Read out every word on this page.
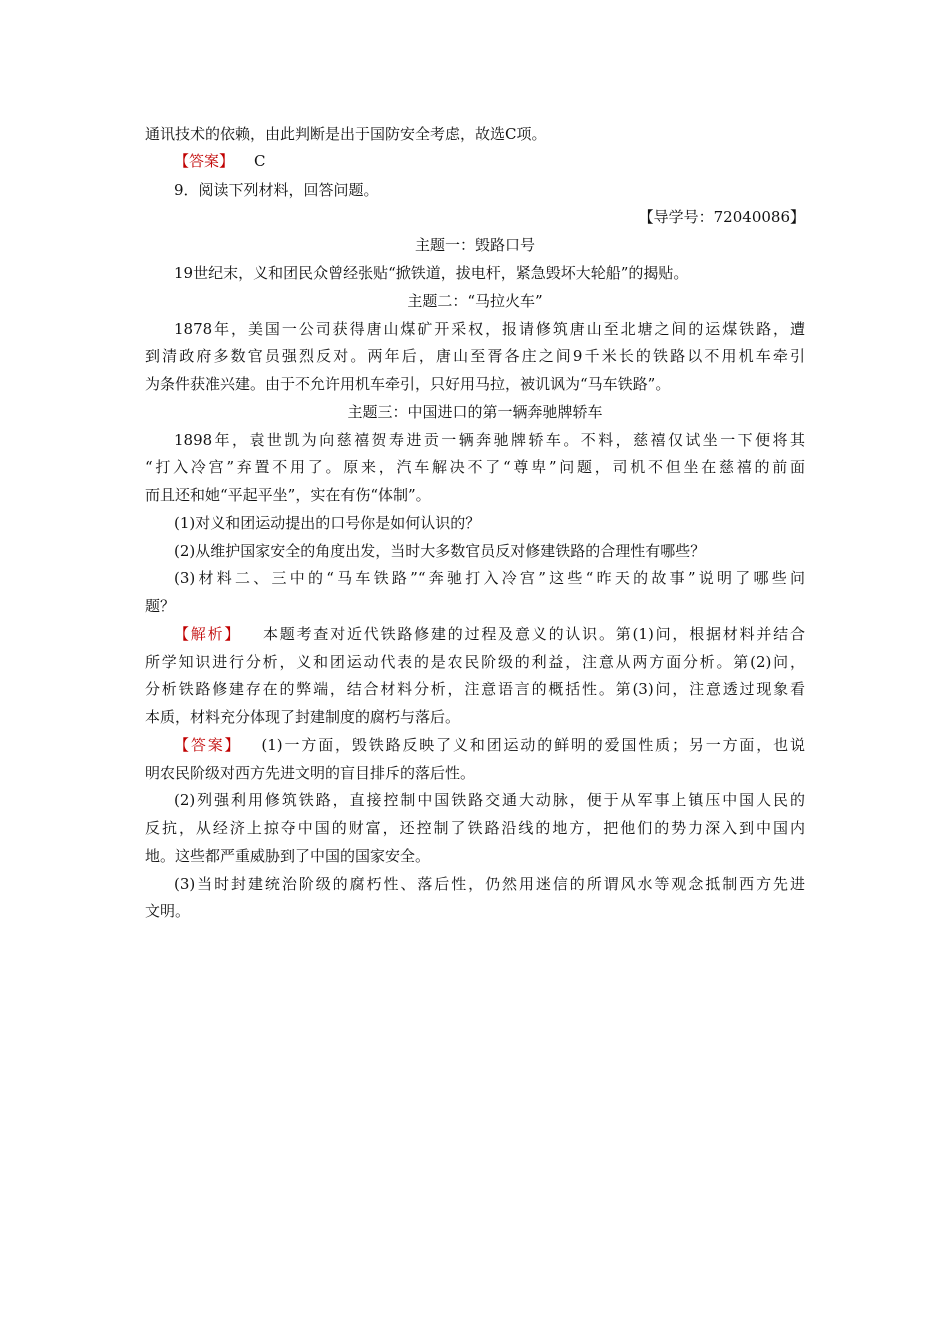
通讯技术的依赖，由此判断是出于国防安全考虑，故选C项。
【答案】 C
9．阅读下列材料，回答问题。
【导学号：72040086】
主题一：毁路口号
19世纪末，义和团民众曾经张贴“掀铁道，拔电杆，紧急毁坏大轮船”的揭贴。
主题二：“马拉火车”
1878年，美国一公司获得唐山煤矿开采权，报请修筑唐山至北塘之间的运煤铁路，遭
到清政府多数官员强烈反对。两年后，唐山至胥各庄之间9千米长的铁路以不用机车牵引
为条件获准兴建。由于不允许用机车牵引，只好用马拉，被讥讽为“马车铁路”。
主题三：中国进口的第一辆奔驰牌轿车
1898年，袁世凯为向慈禧贺寿进贡一辆奔驰牌轿车。不料，慈禧仅试坐一下便将其
“打入冷宫”弃置不用了。原来，汽车解决不了“尊卑”问题，司机不但坐在慈禧的前面
而且还和她“平起平坐”，实在有伤“体制”。
(1)对义和团运动提出的口号你是如何认识的？
(2)从维护国家安全的角度出发，当时大多数官员反对修建铁路的合理性有哪些？
(3)材料二、三中的“马车铁路”“奔驰打入冷宫”这些“昨天的故事”说明了哪些问
题？
【解析】 本题考查对近代铁路修建的过程及意义的认识。第(1)问，根据材料并结合
所学知识进行分析，义和团运动代表的是农民阶级的利益，注意从两方面分析。第(2)问，
分析铁路修建存在的弊端，结合材料分析，注意语言的概括性。第(3)问，注意透过现象看
本质，材料充分体现了封建制度的腐朽与落后。
【答案】 (1)一方面，毁铁路反映了义和团运动的鲜明的爱国性质；另一方面，也说
明农民阶级对西方先进文明的盲目排斥的落后性。
(2)列强利用修筑铁路，直接控制中国铁路交通大动脉，便于从军事上镇压中国人民的
反抗，从经济上掠夺中国的财富，还控制了铁路沿线的地方，把他们的势力深入到中国内
地。这些都严重威胁到了中国的国家安全。
(3)当时封建统治阶级的腐朽性、落后性，仍然用迷信的所谓风水等观念抵制西方先进
文明。
